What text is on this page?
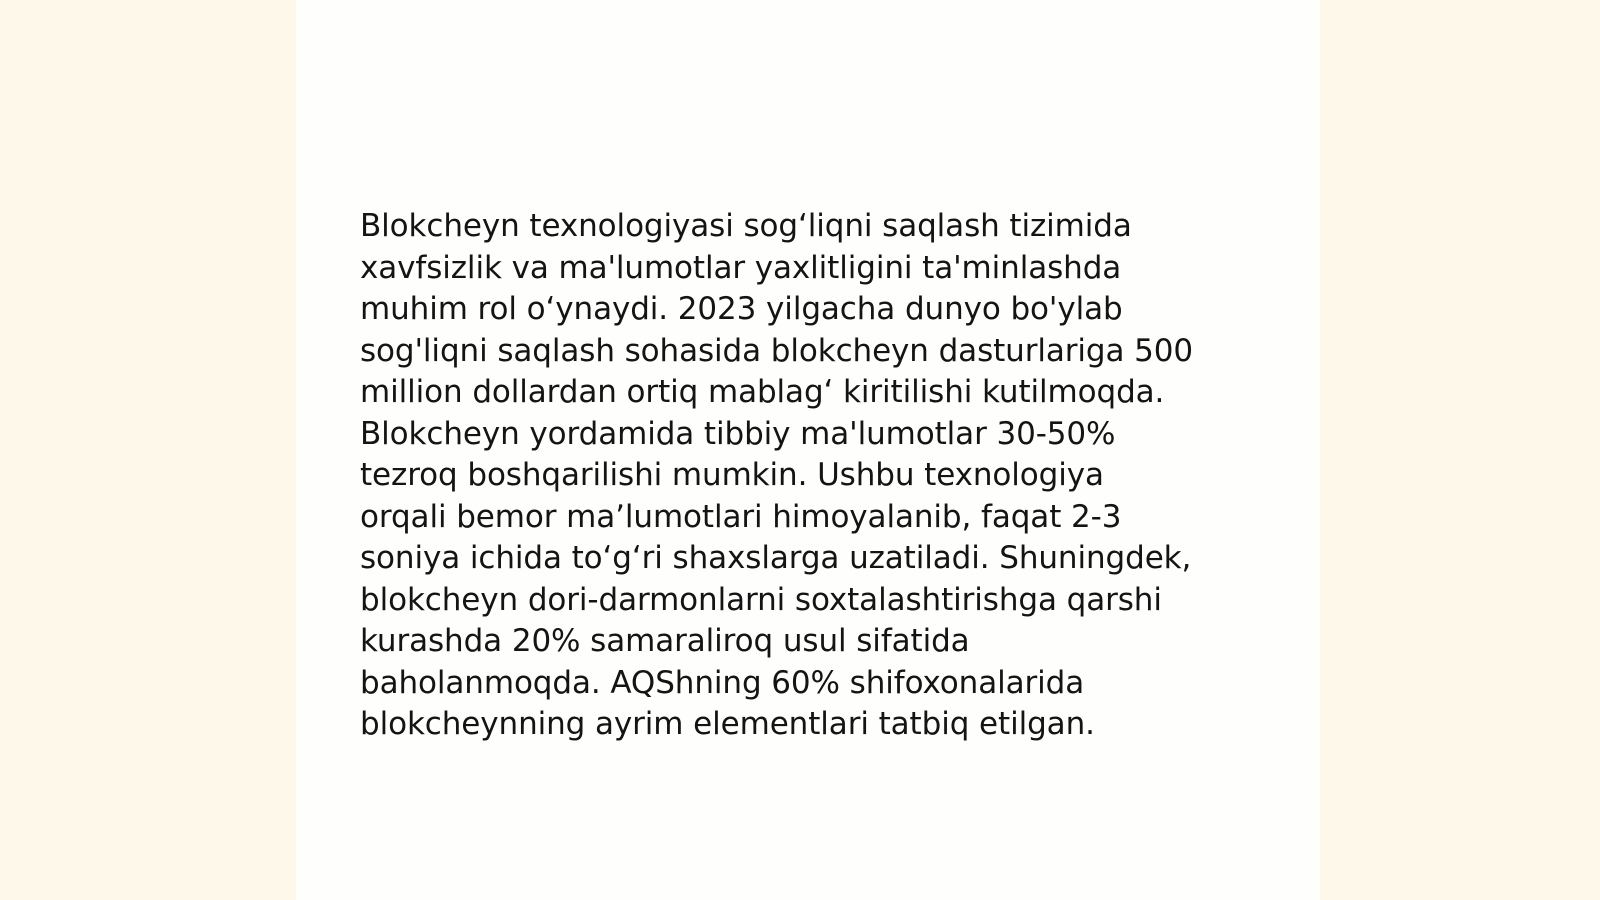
Blokcheyn texnologiyasi sog‘liqni saqlash tizimida
xavfsizlik va ma'lumotlar yaxlitligini ta'minlashda
muhim rol o‘ynaydi. 2023 yilgacha dunyo bo'ylab
sog'liqni saqlash sohasida blokcheyn dasturlariga 500
million dollardan ortiq mablag‘ kiritilishi kutilmoqda.
Blokcheyn yordamida tibbiy ma'lumotlar 30-50%
tezroq boshqarilishi mumkin. Ushbu texnologiya
orqali bemor ma’lumotlari himoyalanib, faqat 2-3
soniya ichida to‘g‘ri shaxslarga uzatiladi. Shuningdek,
blokcheyn dori-darmonlarni soxtalashtirishga qarshi
kurashda 20% samaraliroq usul sifatida
baholanmoqda. AQShning 60% shifoxonalarida
blokcheynning ayrim elementlari tatbiq etilgan.
